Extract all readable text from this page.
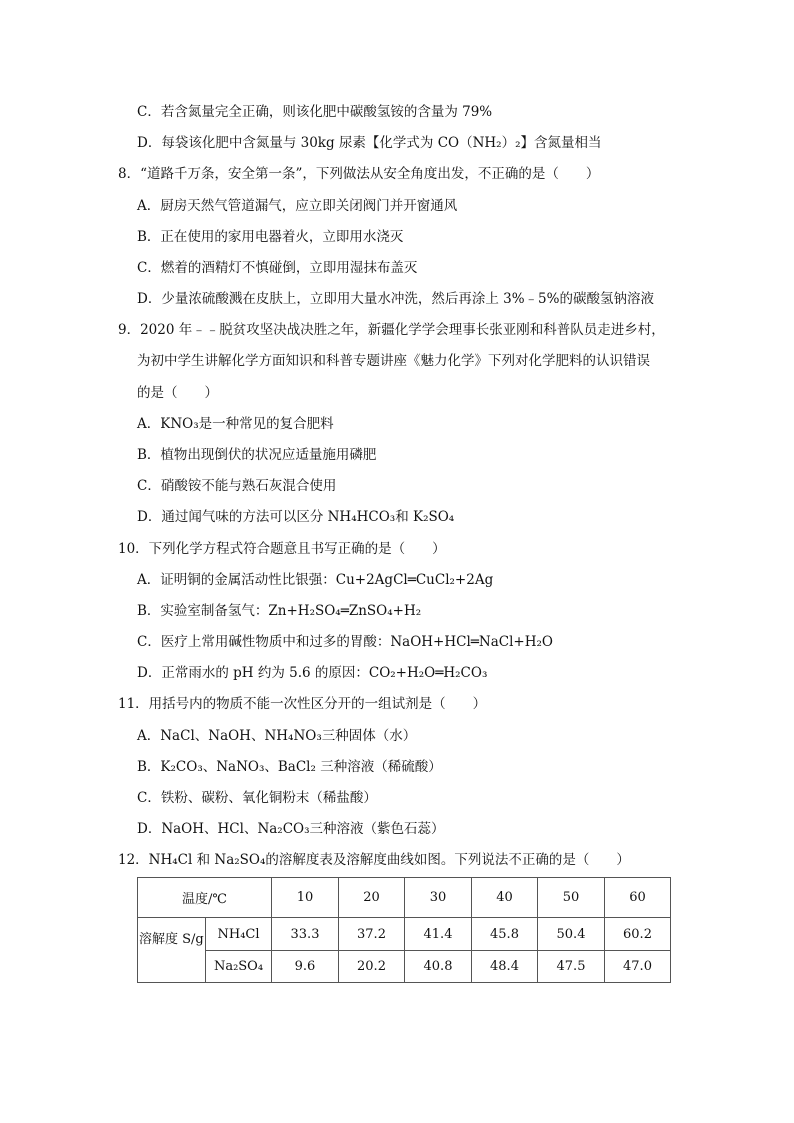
C．若含氮量完全正确，则该化肥中碳酸氢铵的含量为 79%
D．每袋该化肥中含氮量与 30kg 尿素【化学式为 CO（NH₂）₂】含氮量相当
8．“道路千万条，安全第一条”，下列做法从安全角度出发，不正确的是（　　）
A．厨房天然气管道漏气，应立即关闭阀门并开窗通风
B．正在使用的家用电器着火，立即用水浇灭
C．燃着的酒精灯不慎碰倒，立即用湿抹布盖灭
D．少量浓硫酸溅在皮肤上，立即用大量水冲洗，然后再涂上 3%﹣5%的碳酸氢钠溶液
9．2020 年﹣﹣脱贫攻坚决战决胜之年，新疆化学学会理事长张亚刚和科普队员走进乡村，
为初中学生讲解化学方面知识和科普专题讲座《魅力化学》下列对化学肥料的认识错误
的是（　　）
A．KNO₃是一种常见的复合肥料
B．植物出现倒伏的状况应适量施用磷肥
C．硝酸铵不能与熟石灰混合使用
D．通过闻气味的方法可以区分 NH₄HCO₃和 K₂SO₄
10．下列化学方程式符合题意且书写正确的是（　　）
A．证明铜的金属活动性比银强：Cu+2AgCl═CuCl₂+2Ag
B．实验室制备氢气：Zn+H₂SO₄═ZnSO₄+H₂
C．医疗上常用碱性物质中和过多的胃酸：NaOH+HCl═NaCl+H₂O
D．正常雨水的 pH 约为 5.6 的原因：CO₂+H₂O═H₂CO₃
11．用括号内的物质不能一次性区分开的一组试剂是（　　）
A．NaCl、NaOH、NH₄NO₃三种固体（水）
B．K₂CO₃、NaNO₃、BaCl₂ 三种溶液（稀硫酸）
C．铁粉、碳粉、氧化铜粉末（稀盐酸）
D．NaOH、HCl、Na₂CO₃三种溶液（紫色石蕊）
12．NH₄Cl 和 Na₂SO₄的溶解度表及溶解度曲线如图。下列说法不正确的是（　　）
温度/℃		10	20	30	40	50	60
溶解度 S/g	NH₄Cl	33.3	37.2	41.4	45.8	50.4	60.2
	Na₂SO₄	9.6	20.2	40.8	48.4	47.5	47.0
